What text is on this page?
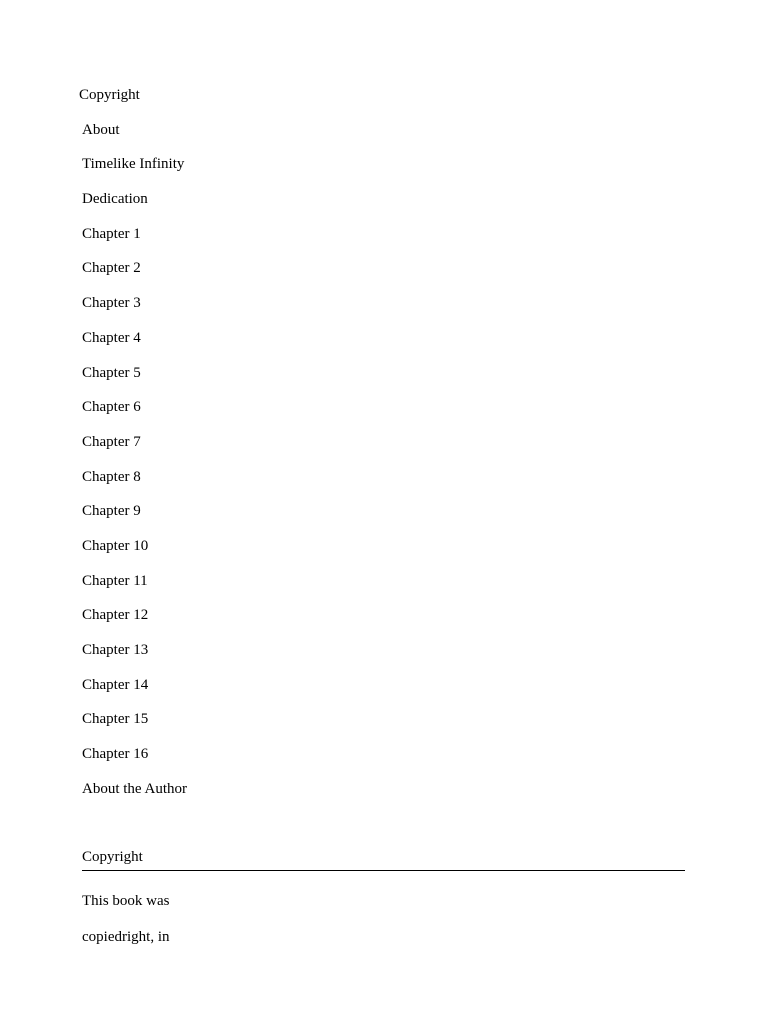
Copyright
About
Timelike Infinity
Dedication
Chapter 1
Chapter 2
Chapter 3
Chapter 4
Chapter 5
Chapter 6
Chapter 7
Chapter 8
Chapter 9
Chapter 10
Chapter 11
Chapter 12
Chapter 13
Chapter 14
Chapter 15
Chapter 16
About the Author
Copyright

This book was

copiedright, in
